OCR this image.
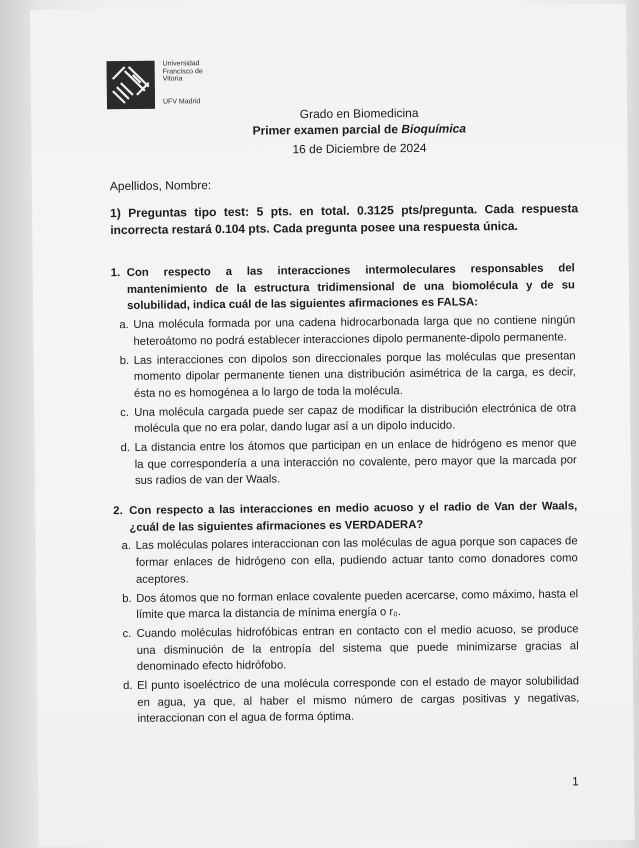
Universidad
Francisco de
Vitoria
UFV Madrid
Grado en Biomedicina
Primer examen parcial de Bioquímica
16 de Diciembre de 2024
Apellidos, Nombre:
1) Preguntas tipo test: 5 pts. en total. 0.3125 pts/pregunta. Cada respuesta incorrecta restará 0.104 pts. Cada pregunta posee una respuesta única.
1. Con respecto a las interacciones intermoleculares responsables del mantenimiento de la estructura tridimensional de una biomolécula y de su solubilidad, indica cuál de las siguientes afirmaciones es FALSA:
a. Una molécula formada por una cadena hidrocarbonada larga que no contiene ningún heteroátomo no podrá establecer interacciones dipolo permanente-dipolo permanente.
b. Las interacciones con dipolos son direccionales porque las moléculas que presentan momento dipolar permanente tienen una distribución asimétrica de la carga, es decir, ésta no es homogénea a lo largo de toda la molécula.
c. Una molécula cargada puede ser capaz de modificar la distribución electrónica de otra molécula que no era polar, dando lugar así a un dipolo inducido.
d. La distancia entre los átomos que participan en un enlace de hidrógeno es menor que la que correspondería a una interacción no covalente, pero mayor que la marcada por sus radios de van der Waals.
2. Con respecto a las interacciones en medio acuoso y el radio de Van der Waals, ¿cuál de las siguientes afirmaciones es VERDADERA?
a. Las moléculas polares interaccionan con las moléculas de agua porque son capaces de formar enlaces de hidrógeno con ella, pudiendo actuar tanto como donadores como aceptores.
b. Dos átomos que no forman enlace covalente pueden acercarse, como máximo, hasta el límite que marca la distancia de mínima energía o r₀.
c. Cuando moléculas hidrofóbicas entran en contacto con el medio acuoso, se produce una disminución de la entropía del sistema que puede minimizarse gracias al denominado efecto hidrófobo.
d. El punto isoeléctrico de una molécula corresponde con el estado de mayor solubilidad en agua, ya que, al haber el mismo número de cargas positivas y negativas, interaccionan con el agua de forma óptima.
1
